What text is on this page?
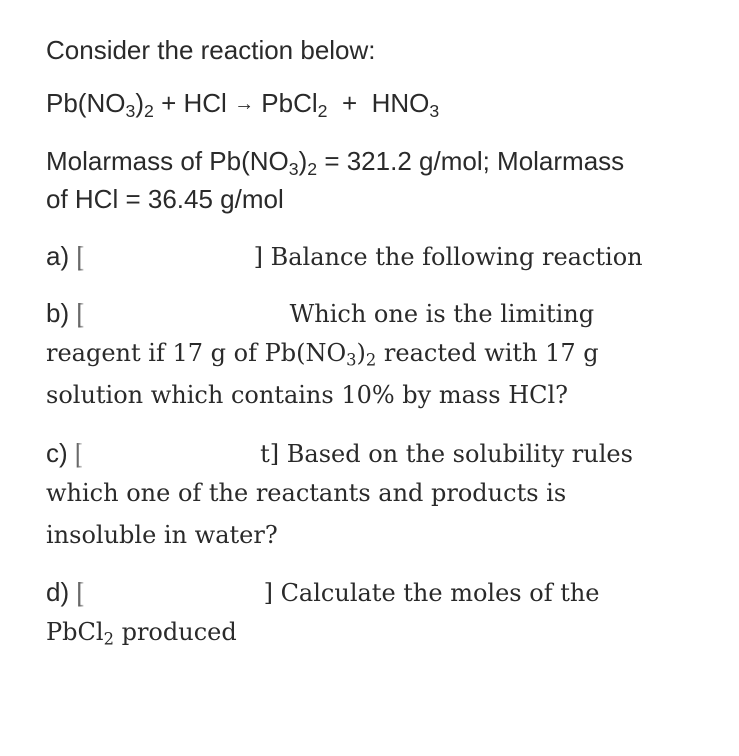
Consider the reaction below:
$Pb(NO_3)_2$ + HCl → PbCl$_2$ + $HNO_3$
Molarmass of $Pb(NO_3)_2 = 321.2$ g/mol; Molarmass
of HCl = 36.45 g/mol
a) [	] Balance the following reaction
b) [	Which one is the limiting
reagent if 17 g of $Pb(NO_3)_2$ reacted with 17 g
solution which contains 10% by mass HCl?
c) [	t] Based on the solubility rules
which one of the reactants and products is
insoluble in water?
d) [	] Calculate the moles of the
PbCl$_2$ produced
